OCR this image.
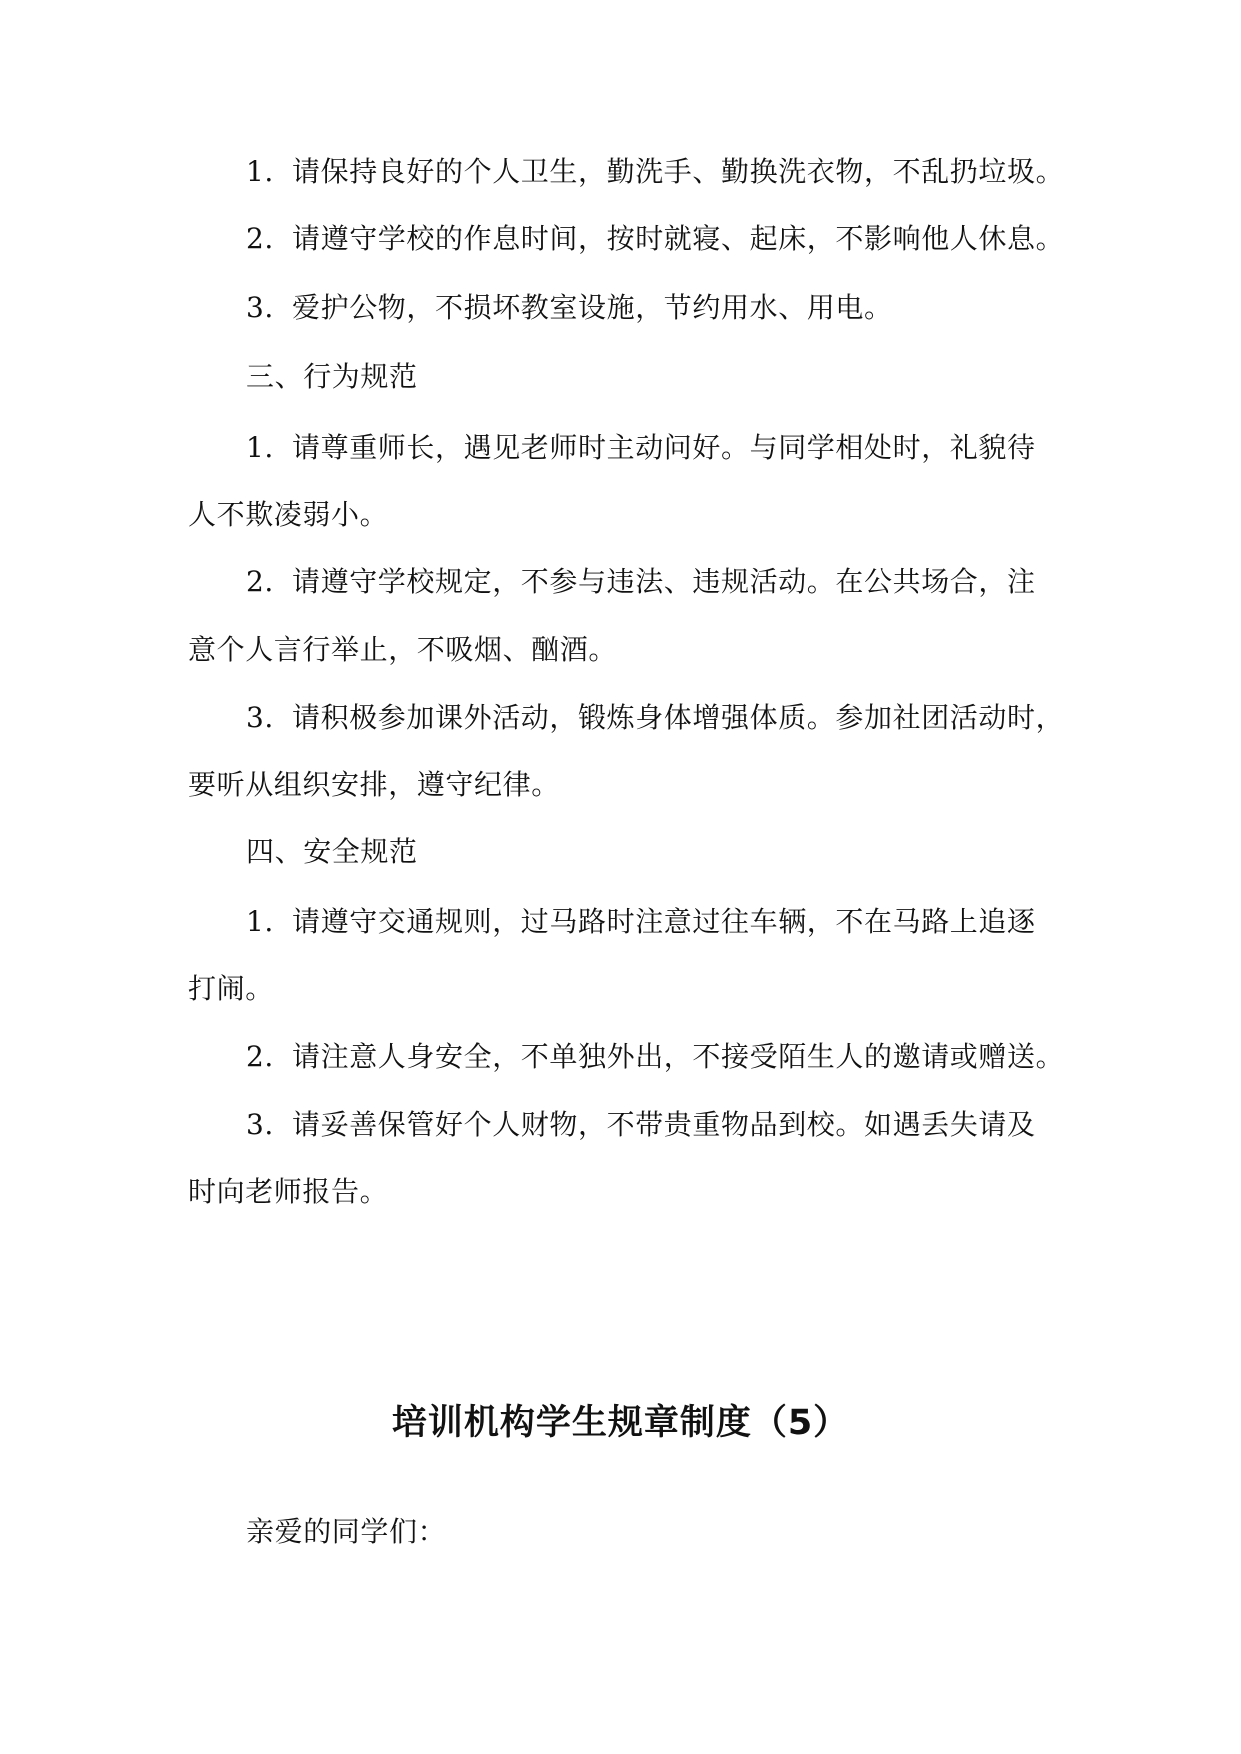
1. 请保持良好的个人卫生，勤洗手、勤换洗衣物，不乱扔垃圾。
2. 请遵守学校的作息时间，按时就寝、起床，不影响他人休息。
3. 爱护公物，不损坏教室设施，节约用水、用电。
三、行为规范
1. 请尊重师长，遇见老师时主动问好。与同学相处时，礼貌待
人不欺凌弱小。
2. 请遵守学校规定，不参与违法、违规活动。在公共场合，注
意个人言行举止，不吸烟、酗酒。
3. 请积极参加课外活动，锻炼身体增强体质。参加社团活动时，
要听从组织安排，遵守纪律。
四、安全规范
1. 请遵守交通规则，过马路时注意过往车辆，不在马路上追逐
打闹。
2. 请注意人身安全，不单独外出，不接受陌生人的邀请或赠送。
3. 请妥善保管好个人财物，不带贵重物品到校。如遇丢失请及
时向老师报告。
培训机构学生规章制度（5）
亲爱的同学们：
